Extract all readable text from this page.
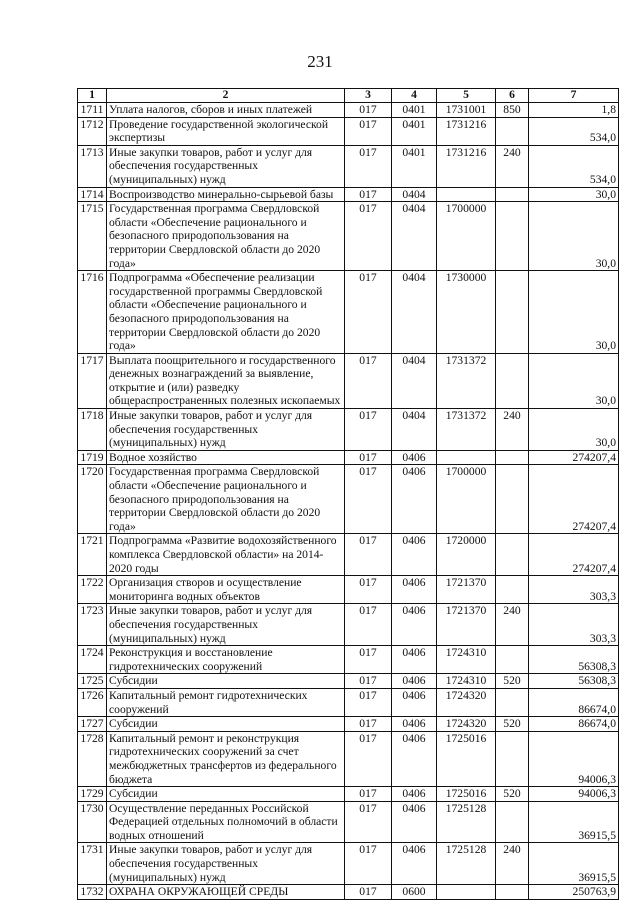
231
1	2	3	4	5	6	7
1711	Уплата налогов, сборов и иных платежей	017	0401	1731001	850	1,8
1712	Проведение государственной экологической экспертизы	017	0401	1731216		534,0
1713	Иные закупки товаров, работ и услуг для обеспечения государственных (муниципальных) нужд	017	0401	1731216	240	534,0
1714	Воспроизводство минерально-сырьевой базы	017	0404			30,0
1715	Государственная программа Свердловской области «Обеспечение рационального и безопасного природопользования на территории Свердловской области до 2020 года»	017	0404	1700000		30,0
1716	Подпрограмма «Обеспечение реализации государственной программы Свердловской области «Обеспечение рационального и безопасного природопользования на территории Свердловской области до 2020 года»	017	0404	1730000		30,0
1717	Выплата поощрительного и государственного денежных вознаграждений за выявление, открытие и (или) разведку общераспространенных полезных ископаемых	017	0404	1731372		30,0
1718	Иные закупки товаров, работ и услуг для обеспечения государственных (муниципальных) нужд	017	0404	1731372	240	30,0
1719	Водное хозяйство	017	0406			274207,4
1720	Государственная программа Свердловской области «Обеспечение рационального и безопасного природопользования на территории Свердловской области до 2020 года»	017	0406	1700000		274207,4
1721	Подпрограмма «Развитие водохозяйственного комплекса Свердловской области» на 2014-2020 годы	017	0406	1720000		274207,4
1722	Организация створов и осуществление мониторинга водных объектов	017	0406	1721370		303,3
1723	Иные закупки товаров, работ и услуг для обеспечения государственных (муниципальных) нужд	017	0406	1721370	240	303,3
1724	Реконструкция и восстановление гидротехнических сооружений	017	0406	1724310		56308,3
1725	Субсидии	017	0406	1724310	520	56308,3
1726	Капитальный ремонт гидротехнических сооружений	017	0406	1724320		86674,0
1727	Субсидии	017	0406	1724320	520	86674,0
1728	Капитальный ремонт и реконструкция гидротехнических сооружений за счет межбюджетных трансфертов из федерального бюджета	017	0406	1725016		94006,3
1729	Субсидии	017	0406	1725016	520	94006,3
1730	Осуществление переданных Российской Федерацией отдельных полномочий в области водных отношений	017	0406	1725128		36915,5
1731	Иные закупки товаров, работ и услуг для обеспечения государственных (муниципальных) нужд	017	0406	1725128	240	36915,5
1732	ОХРАНА ОКРУЖАЮЩЕЙ СРЕДЫ	017	0600			250763,9
